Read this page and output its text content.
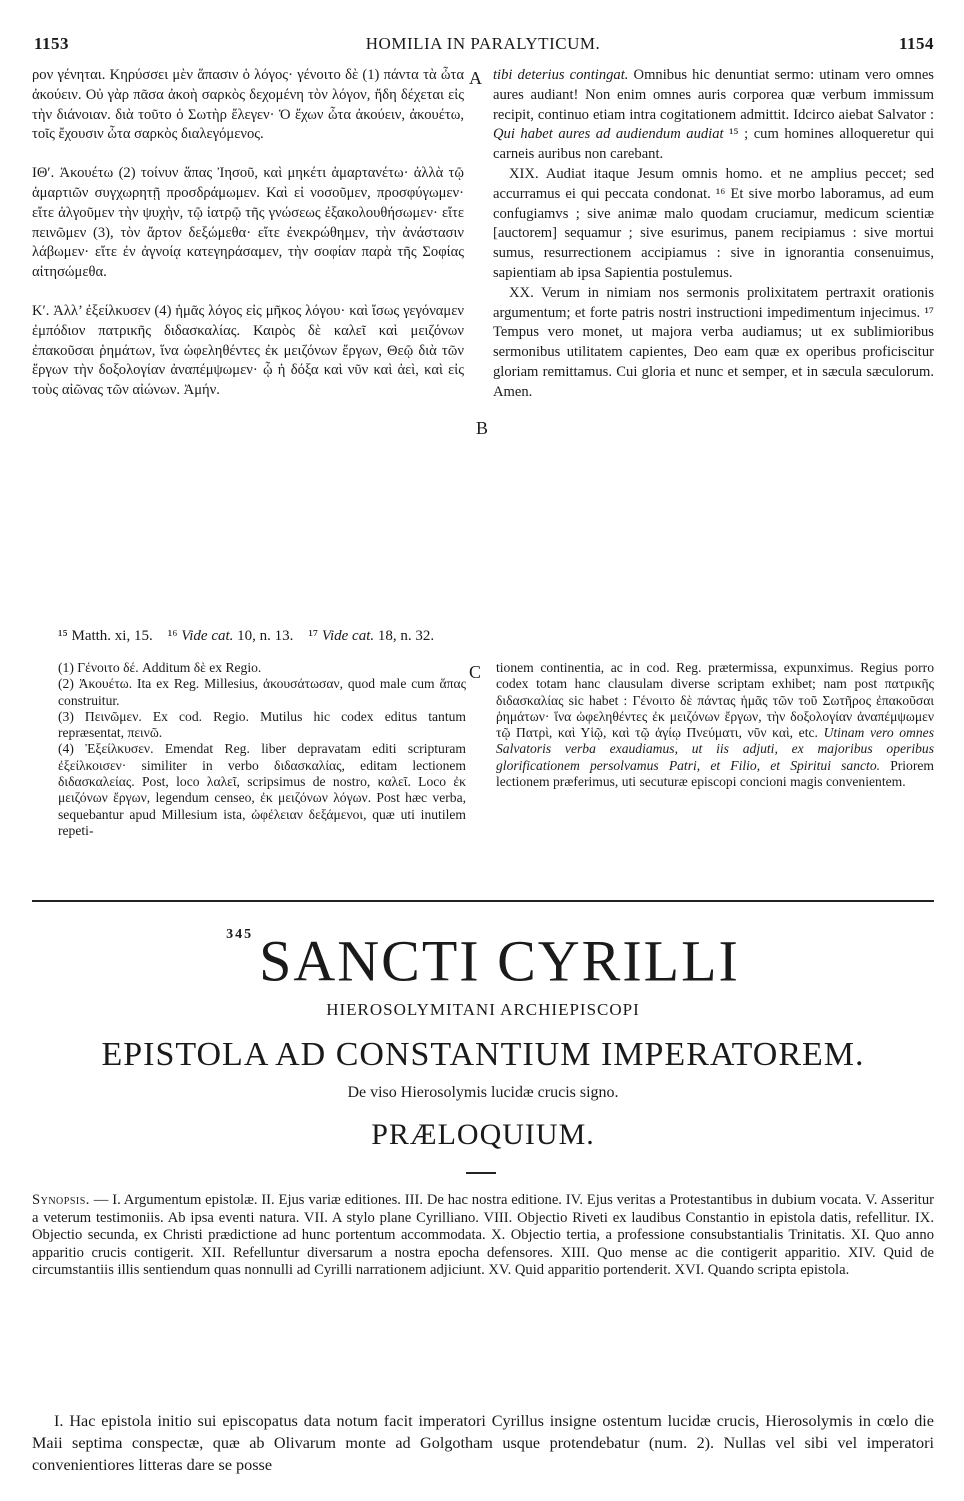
1153	HOMILIA IN PARALYTICUM.	1154
A
B
C

ρον γένηται. Κηρύσσει μὲν ἅπασιν ὁ λόγος· γένοιτο δὲ (1) πάντα τὰ ὦτα ἀκούειν. Οὐ γὰρ πᾶσα ἀκοὴ σαρκὸς δεχομένη τὸν λόγον, ἤδη δέχεται εἰς τὴν διάνοιαν. διὰ τοῦτο ὁ Σωτὴρ ἔλεγεν· Ὁ ἔχων ὦτα ἀκούειν, ἀκουέτω, τοῖς ἔχουσιν ὦτα σαρκὸς διαλεγόμενος.

ΙΘʹ. Ἀκουέτω (2) τοίνυν ἅπας Ἰησοῦ, καὶ μηκέτι ἁμαρτανέτω· ἀλλὰ τῷ ἁμαρτιῶν συγχωρητῇ προσδράμωμεν. Καὶ εἰ νοσοῦμεν, προσφύγωμεν· εἴτε ἀλγοῦμεν τὴν ψυχὴν, τῷ ἰατρῷ τῆς γνώσεως ἐξακολουθήσωμεν· εἴτε πεινῶμεν (3), τὸν ἄρτον δεξώμεθα· εἴτε ἐνεκρώθημεν, τὴν ἀνάστασιν λάβωμεν· εἴτε ἐν ἀγνοίᾳ κατεγηράσαμεν, τὴν σοφίαν παρὰ τῆς Σοφίας αἰτησώμεθα.

Κʹ. Ἀλλ’ ἐξείλκυσεν (4) ἡμᾶς λόγος εἰς μῆκος λόγου· καὶ ἴσως γεγόναμεν ἐμπόδιον πατρικῆς διδασκαλίας. Καιρὸς δὲ καλεῖ καὶ μειζόνων ἐπακοῦσαι ῥημάτων, ἵνα ὠφεληθέντες ἐκ μειζόνων ἔργων, Θεῷ διὰ τῶν ἔργων τὴν δοξολογίαν ἀναπέμψωμεν· ᾧ ἡ δόξα καὶ νῦν καὶ ἀεὶ, καὶ εἰς τοὺς αἰῶνας τῶν αἰώνων. Ἀμήν.

tibi deterius contingat. Omnibus hic denuntiat sermo: utinam vero omnes aures audiant! Non enim omnes auris corporea quæ verbum immissum recipit, continuo etiam intra cogitationem admittit. Idcirco aiebat Salvator : Qui habet aures ad audiendum audiat ¹⁵ ; cum homines alloqueretur qui carneis auribus non carebant.

XIX. Audiat itaque Jesum omnis homo. et ne amplius peccet; sed accurramus ei qui peccata condonat. ¹⁶ Et sive morbo laboramus, ad eum confugiamvs ; sive animæ malo quodam cruciamur, medicum scientiæ [auctorem] sequamur ; sive esurimus, panem recipiamus : sive mortui sumus, resurrectionem accipiamus : sive in ignorantia consenuimus, sapientiam ab ipsa Sapientia postulemus.

XX. Verum in nimiam nos sermonis prolixitatem pertraxit orationis argumentum; et forte patris nostri instructioni impedimentum injecimus. ¹⁷ Tempus vero monet, ut majora verba audiamus; ut ex sublimioribus sermonibus utilitatem capientes, Deo eam quæ ex operibus proficiscitur gloriam remittamus. Cui gloria et nunc et semper, et in sæcula sæculorum. Amen.

¹⁵ Matth. xi, 15. ¹⁶ Vide cat. 10, n. 13. ¹⁷ Vide cat. 18, n. 32.

(1) Γένοιτο δέ. Additum δὲ ex Regio.

(2) Ἀκουέτω. Ita ex Reg. Millesius, ἀκουσάτωσαν, quod male cum ἅπας construitur.

(3) Πεινῶμεν. Ex cod. Regio. Mutilus hic codex editus tantum repræsentat, πεινῶ.

(4) Ἐξείλκυσεν. Emendat Reg. liber depravatam editi scripturam ἐξείλκοισεν· similiter in verbo διδασκαλίας, editam lectionem διδασκαλείας. Post, loco λαλεῖ, scripsimus de nostro, καλεῖ. Loco ἐκ μειζόνων ἔργων, legendum censeo, ἐκ μειζόνων λόγων. Post hæc verba, sequebantur apud Millesium ista, ὠφέλειαν δεξάμενοι, quæ uti inutilem repeti-

tionem continentia, ac in cod. Reg. prætermissa, expunximus. Regius porro codex totam hanc clausulam diverse scriptam exhibet; nam post πατρικῆς διδασκαλίας sic habet : Γένοιτο δὲ πάντας ἡμᾶς τῶν τοῦ Σωτῆρος ἐπακοῦσαι ῥημάτων· ἵνα ὠφεληθέντες ἐκ μειζόνων ἔργων, τὴν δοξολογίαν ἀναπέμψωμεν τῷ Πατρὶ, καὶ Υἱῷ, καὶ τῷ ἁγίῳ Πνεύματι, νῦν καὶ, etc. Utinam vero omnes Salvatoris verba exaudiamus, ut iis adjuti, ex majoribus operibus glorificationem persolvamus Patri, et Filio, et Spiritui sancto. Priorem lectionem præferimus, uti secuturæ episcopi concioni magis convenientem.

$^{345}$ SANCTI CYRILLI
HIEROSOLYMITANI ARCHIEPISCOPI
EPISTOLA AD CONSTANTIUM IMPERATOREM.
De viso Hierosolymis lucidæ crucis signo.
PRÆLOQUIUM.
Synopsis. — I. Argumentum epistolæ. II. Ejus variæ editiones. III. De hac nostra editione. IV. Ejus veritas a Protestantibus in dubium vocata. V. Asseritur a veterum testimoniis. Ab ipsa eventi natura. VII. A stylo plane Cyrilliano. VIII. Objectio Riveti ex laudibus Constantio in epistola datis, refellitur. IX. Objectio secunda, ex Christi prædictione ad hunc portentum accommodata. X. Objectio tertia, a professione consubstantialis Trinitatis. XI. Quo anno apparitio crucis contigerit. XII. Refelluntur diversarum a nostra epocha defensores. XIII. Quo mense ac die contigerit apparitio. XIV. Quid de circumstantiis illis sentiendum quas nonnulli ad Cyrilli narrationem adjiciunt. XV. Quid apparitio portenderit. XVI. Quando scripta epistola.
I. Hac epistola initio sui episcopatus data notum facit imperatori Cyrillus insigne ostentum lucidæ crucis, Hierosolymis in cœlo die Maii septima conspectæ, quæ ab Olivarum monte ad Golgotham usque protendebatur (num. 2). Nullas vel sibi vel imperatori convenientiores litteras dare se posse
